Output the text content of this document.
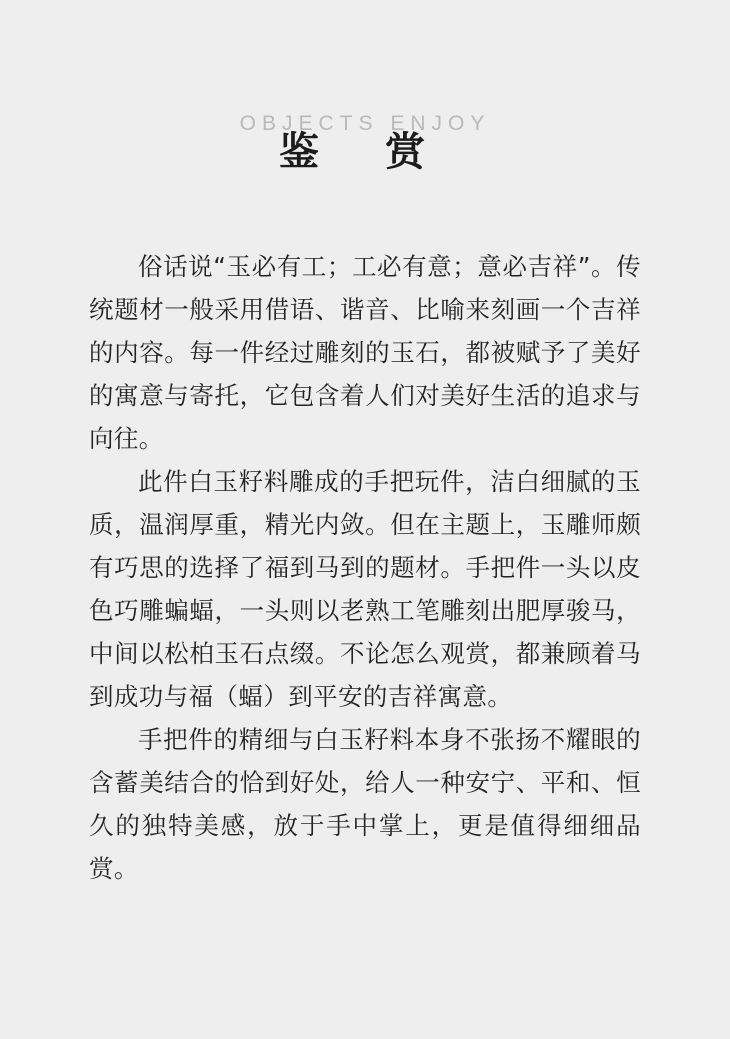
OBJECTS ENJOY
鉴 赏

俗话说“玉必有工；工必有意；意必吉祥”。传统题材一般采用借语、谐音、比喻来刻画一个吉祥的内容。每一件经过雕刻的玉石，都被赋予了美好的寓意与寄托，它包含着人们对美好生活的追求与向往。

此件白玉籽料雕成的手把玩件，洁白细腻的玉质，温润厚重，精光内敛。但在主题上，玉雕师颇有巧思的选择了福到马到的题材。手把件一头以皮色巧雕蝙蝠，一头则以老熟工笔雕刻出肥厚骏马，中间以松柏玉石点缀。不论怎么观赏，都兼顾着马到成功与福（蝠）到平安的吉祥寓意。

手把件的精细与白玉籽料本身不张扬不耀眼的含蓄美结合的恰到好处，给人一种安宁、平和、恒久的独特美感，放于手中掌上，更是值得细细品赏。
